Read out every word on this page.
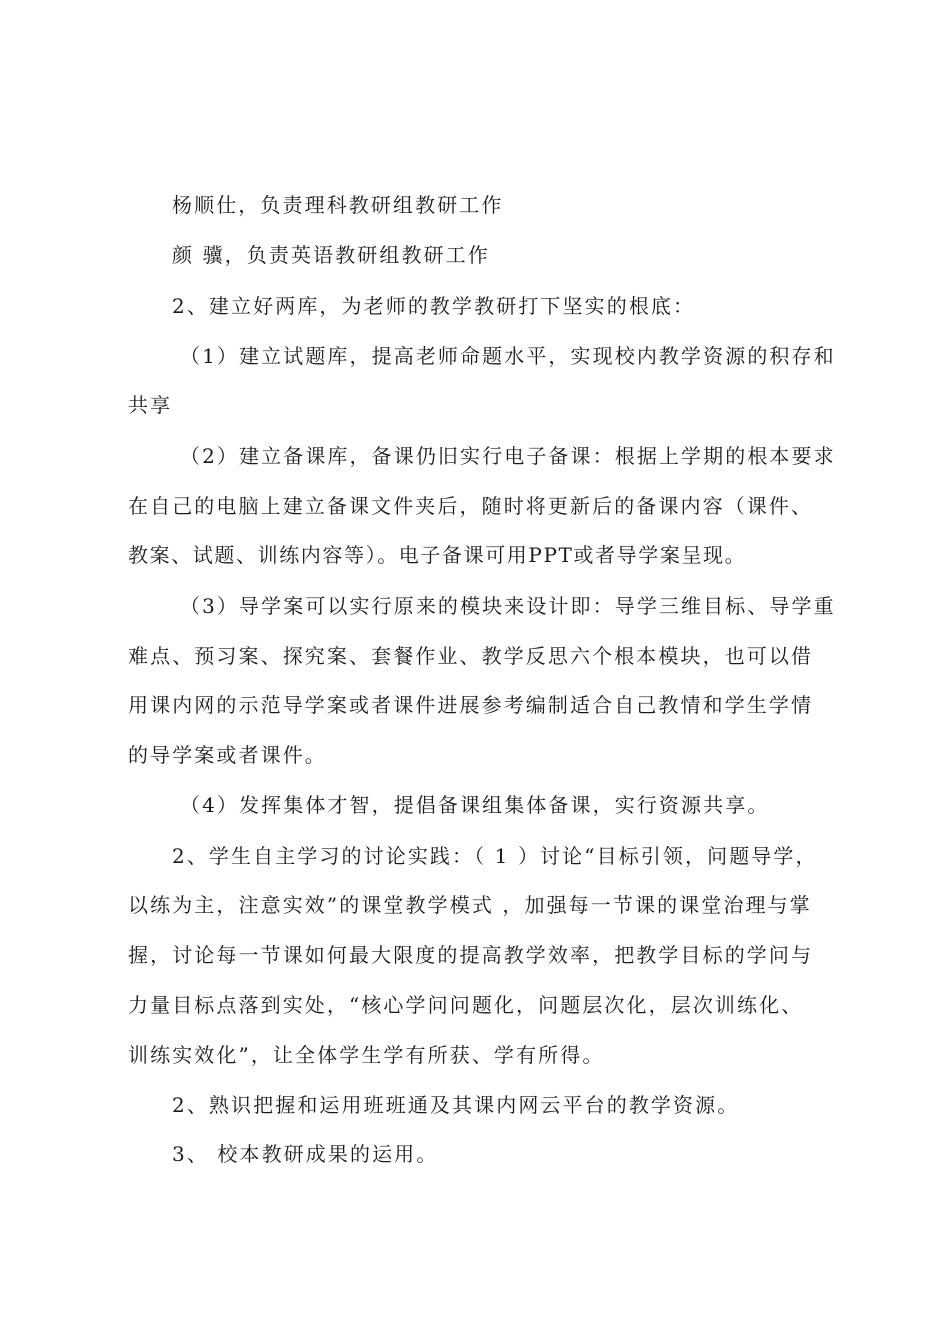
杨顺仕，负责理科教研组教研工作
颜 骥，负责英语教研组教研工作
2、建立好两库，为老师的教学教研打下坚实的根底：
（1）建立试题库，提高老师命题水平，实现校内教学资源的积存和
共享
（2）建立备课库，备课仍旧实行电子备课：根据上学期的根本要求
在自己的电脑上建立备课文件夹后，随时将更新后的备课内容（课件、
教案、试题、训练内容等）。电子备课可用PPT或者导学案呈现。
（3）导学案可以实行原来的模块来设计即：导学三维目标、导学重
难点、预习案、探究案、套餐作业、教学反思六个根本模块，也可以借
用课内网的示范导学案或者课件进展参考编制适合自己教情和学生学情
的导学案或者课件。
（4）发挥集体才智，提倡备课组集体备课，实行资源共享。
2、学生自主学习的讨论实践：（ 1 ）讨论“目标引领，问题导学，
以练为主，注意实效”的课堂教学模式 ，加强每一节课的课堂治理与掌
握，讨论每一节课如何最大限度的提高教学效率，把教学目标的学问与
力量目标点落到实处，“核心学问问题化，问题层次化，层次训练化、
训练实效化”，让全体学生学有所获、学有所得。
2、熟识把握和运用班班通及其课内网云平台的教学资源。
3、 校本教研成果的运用。
